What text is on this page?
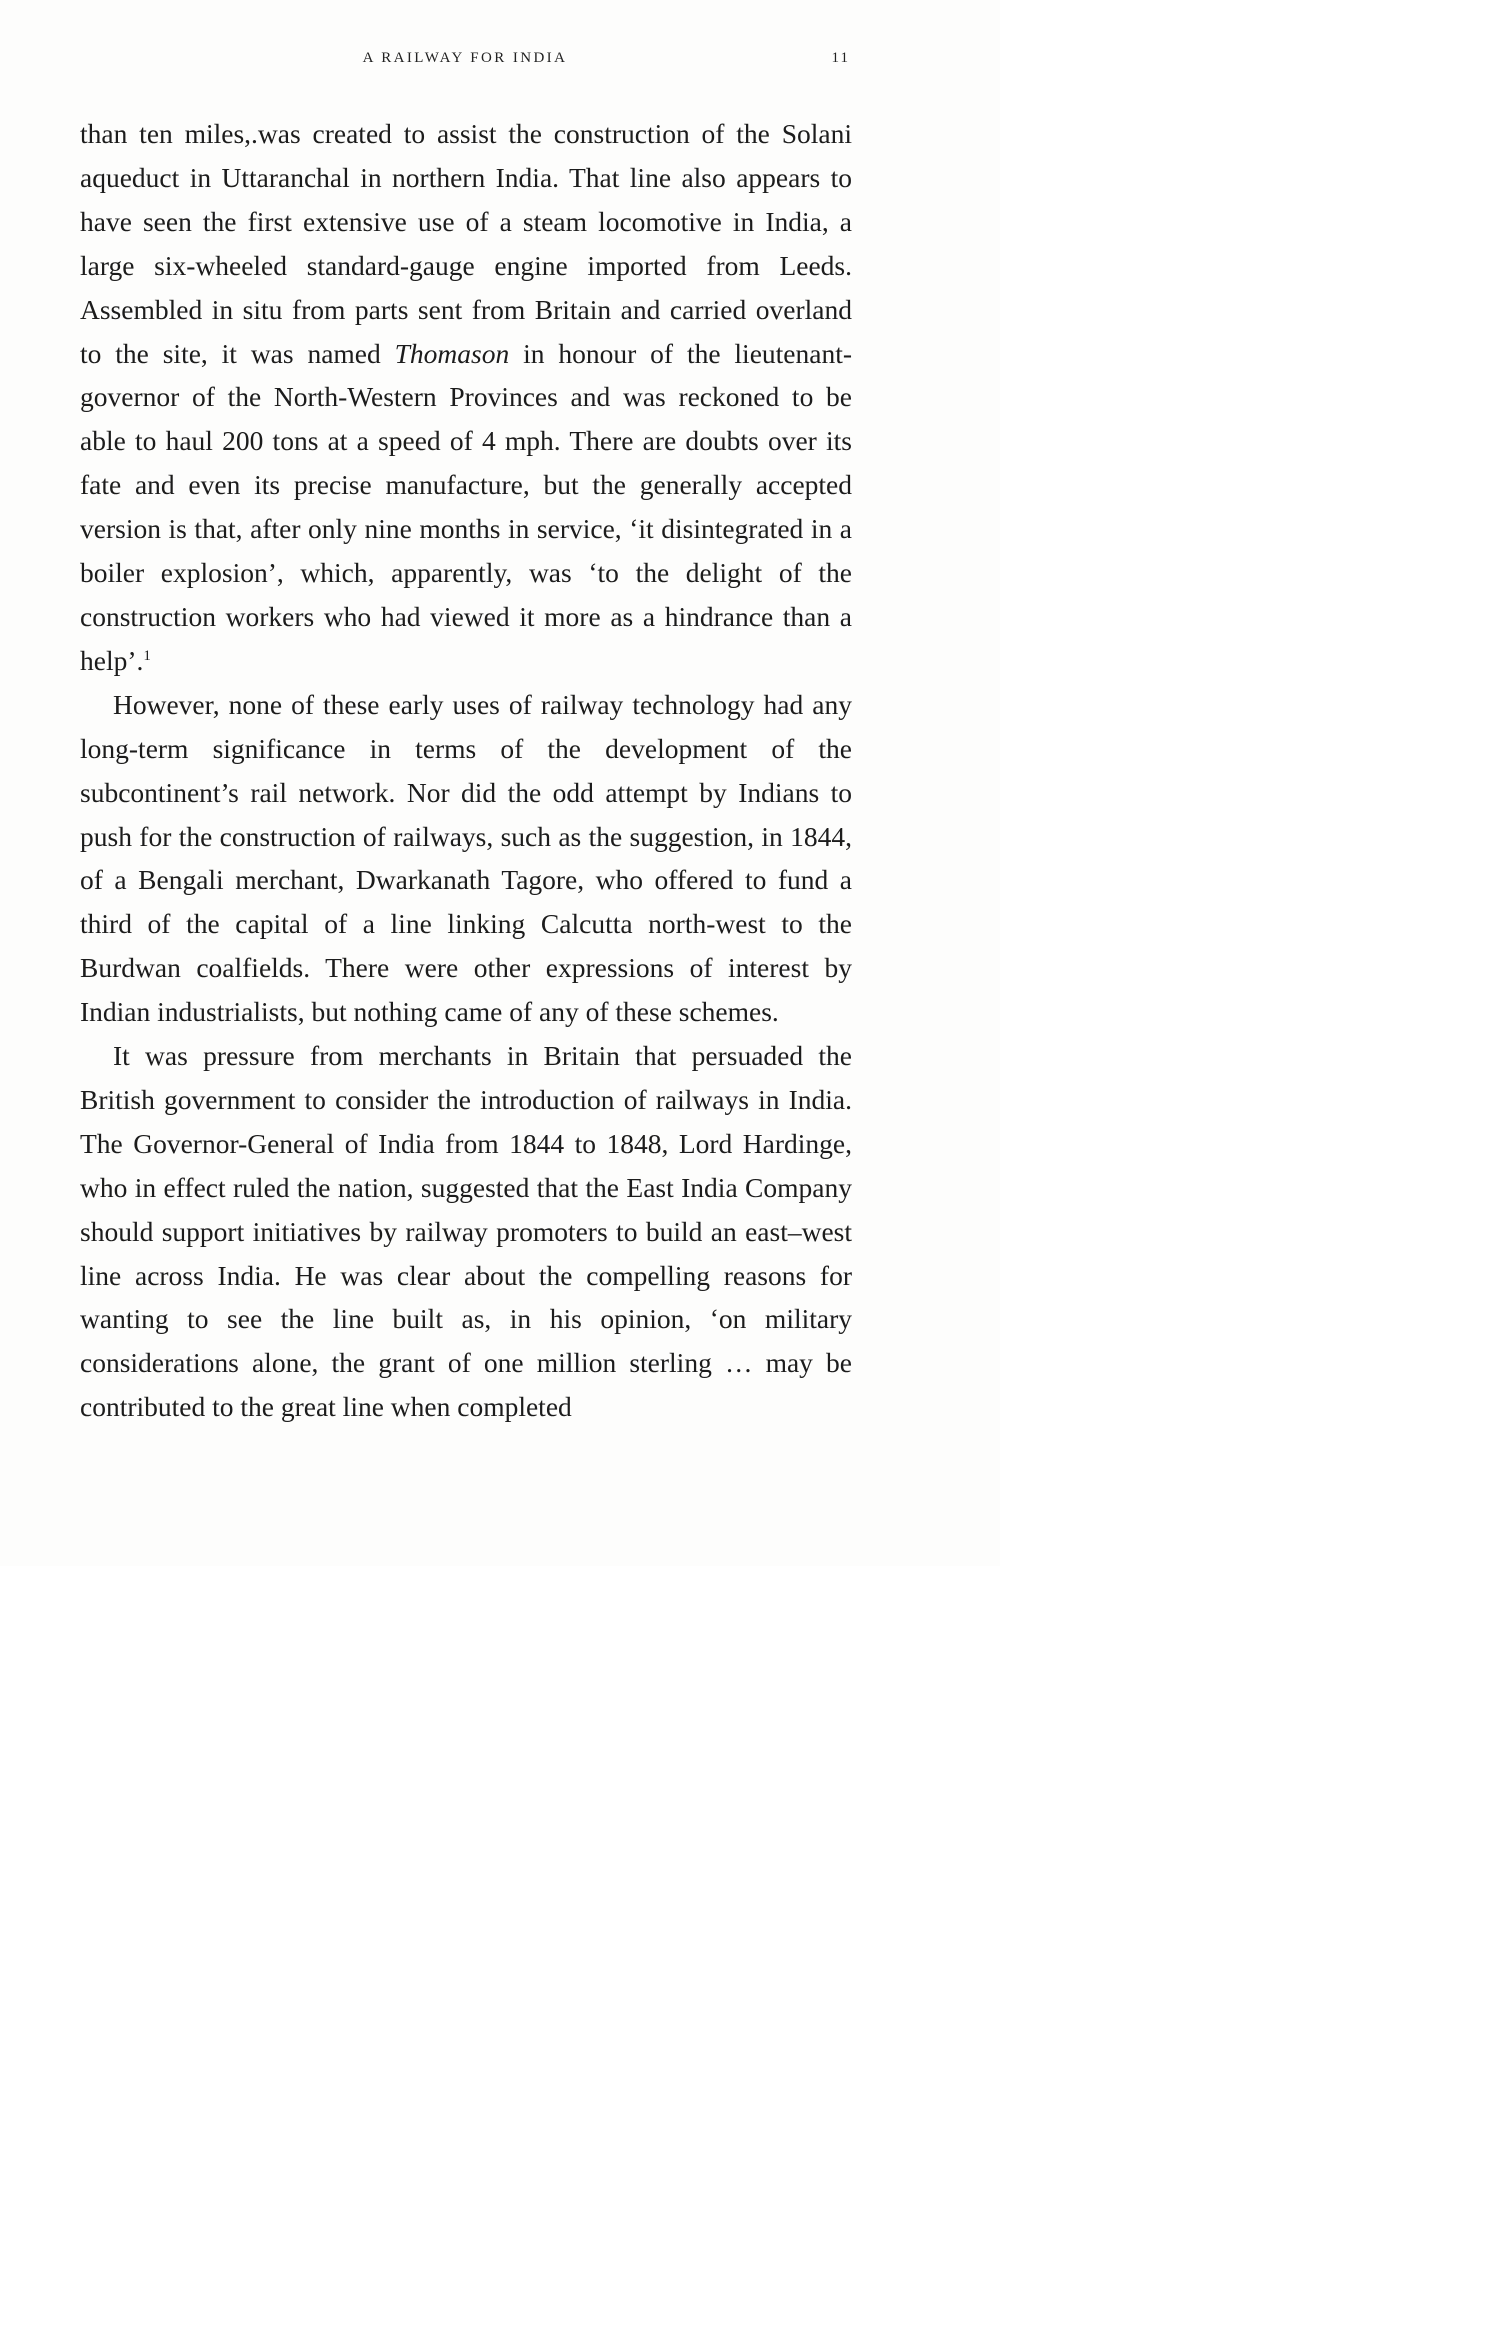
A RAILWAY FOR INDIA	11

than ten miles,.was created to assist the construction of the Solani aqueduct in Uttaranchal in northern India. That line also appears to have seen the first extensive use of a steam locomotive in India, a large six-wheeled standard-gauge engine imported from Leeds. Assembled in situ from parts sent from Britain and carried overland to the site, it was named Thomason in honour of the lieutenant-governor of the North-Western Provinces and was reckoned to be able to haul 200 tons at a speed of 4 mph. There are doubts over its fate and even its precise manufacture, but the generally accepted version is that, after only nine months in service, ‘it disintegrated in a boiler explosion’, which, apparently, was ‘to the delight of the construction workers who had viewed it more as a hindrance than a help’.$^1$

However, none of these early uses of railway technology had any long-term significance in terms of the development of the subcontinent’s rail network. Nor did the odd attempt by Indians to push for the construction of railways, such as the suggestion, in 1844, of a Bengali merchant, Dwarkanath Tagore, who offered to fund a third of the capital of a line linking Calcutta north-west to the Burdwan coalfields. There were other expressions of interest by Indian industrialists, but nothing came of any of these schemes.

It was pressure from merchants in Britain that persuaded the British government to consider the introduction of railways in India. The Governor-General of India from 1844 to 1848, Lord Hardinge, who in effect ruled the nation, suggested that the East India Company should support initiatives by railway promoters to build an east–west line across India. He was clear about the compelling reasons for wanting to see the line built as, in his opinion, ‘on military considerations alone, the grant of one million sterling … may be contributed to the great line when completed
